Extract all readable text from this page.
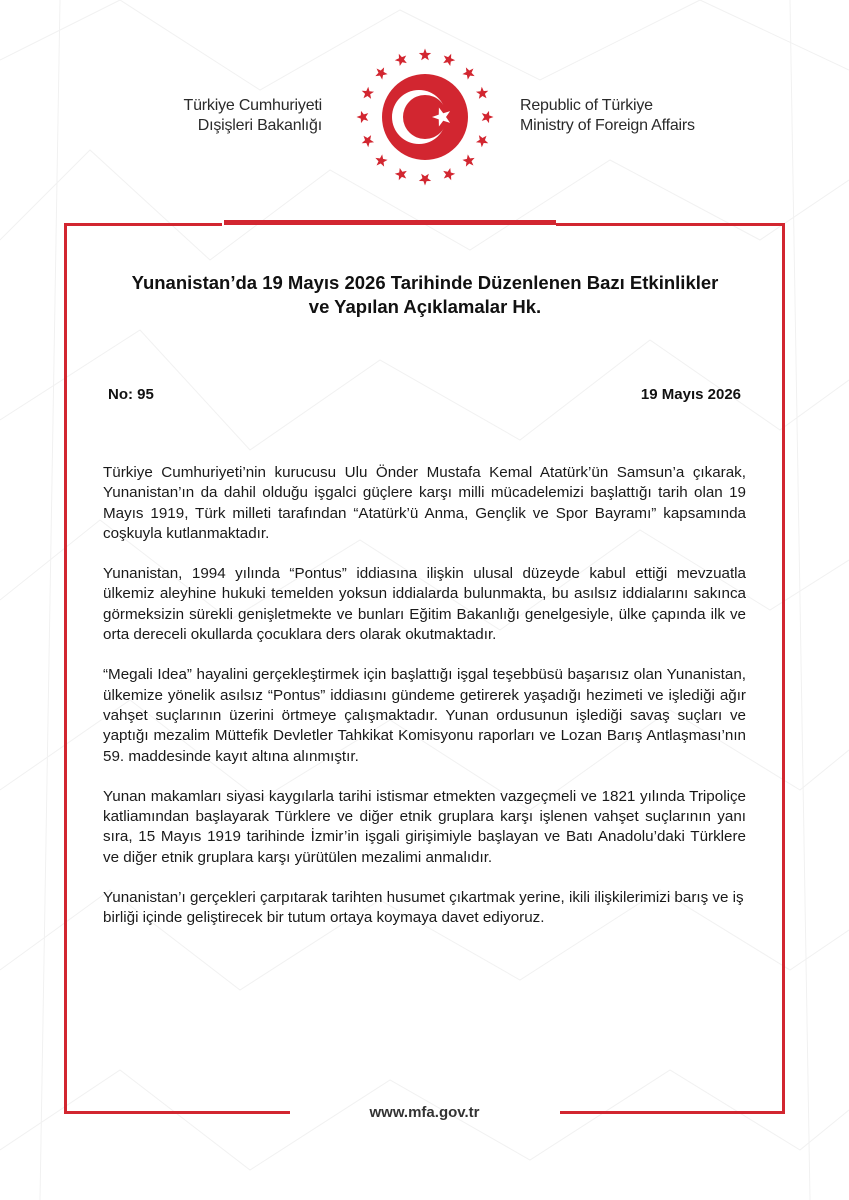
Türkiye Cumhuriyeti
Dışişleri Bakanlığı
Republic of Türkiye
Ministry of Foreign Affairs
Yunanistan’da 19 Mayıs 2026 Tarihinde Düzenlenen Bazı Etkinlikler
ve Yapılan Açıklamalar Hk.
No: 95	19 Mayıs 2026

Türkiye Cumhuriyeti’nin kurucusu Ulu Önder Mustafa Kemal Atatürk’ün Samsun’a çıkarak, Yunanistan’ın da dahil olduğu işgalci güçlere karşı milli mücadelemizi başlattığı tarih olan 19 Mayıs 1919, Türk milleti tarafından “Atatürk’ü Anma, Gençlik ve Spor Bayramı” kapsamında coşkuyla kutlanmaktadır.

Yunanistan, 1994 yılında “Pontus” iddiasına ilişkin ulusal düzeyde kabul ettiği mevzuatla ülkemiz aleyhine hukuki temelden yoksun iddialarda bulunmakta, bu asılsız iddialarını sakınca görmeksizin sürekli genişletmekte ve bunları Eğitim Bakanlığı genelgesiyle, ülke çapında ilk ve orta dereceli okullarda çocuklara ders olarak okutmaktadır.

“Megali Idea” hayalini gerçekleştirmek için başlattığı işgal teşebbüsü başarısız olan Yunanistan, ülkemize yönelik asılsız “Pontus” iddiasını gündeme getirerek yaşadığı hezimeti ve işlediği ağır vahşet suçlarının üzerini örtmeye çalışmaktadır. Yunan ordusunun işlediği savaş suçları ve yaptığı mezalim Müttefik Devletler Tahkikat Komisyonu raporları ve Lozan Barış Antlaşması’nın 59. maddesinde kayıt altına alınmıştır.

Yunan makamları siyasi kaygılarla tarihi istismar etmekten vazgeçmeli ve 1821 yılında Tripoliçe katliamından başlayarak Türklere ve diğer etnik gruplara karşı işlenen vahşet suçlarının yanı sıra, 15 Mayıs 1919 tarihinde İzmir’in işgali girişimiyle başlayan ve Batı Anadolu’daki Türklere ve diğer etnik gruplara karşı yürütülen mezalimi anmalıdır.

Yunanistan’ı gerçekleri çarpıtarak tarihten husumet çıkartmak yerine, ikili ilişkilerimizi barış ve iş birliği içinde geliştirecek bir tutum ortaya koymaya davet ediyoruz.

www.mfa.gov.tr
